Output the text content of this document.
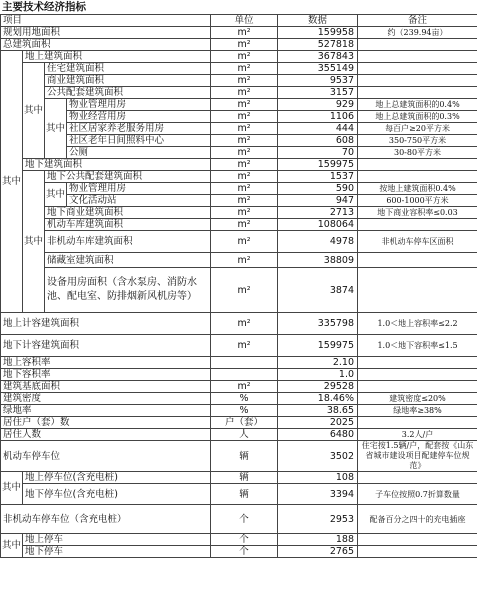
主要技术经济指标
项目				单位	数据	备注
规划用地面积				m²	159958	约（239.94亩）
总建筑面积				m²	527818	
其中	地上建筑面积			m²	367843	
	其中	住宅建筑面积		m²	355149	
		商业建筑面积		m²	9537	
		公共配套建筑面积		m²	3157	
		其中	物业管理用房	m²	929	地上总建筑面积的0.4%
			物业经营用房	m²	1106	地上总建筑面积的0.3%
			社区居家养老服务用房	m²	444	每百户≥20平方米
			社区老年日间照料中心	m²	608	350-750平方米
			公厕	m²	70	30-80平方米
	地下建筑面积			m²	159975	
	其中	地下公共配套建筑面积		m²	1537	
		其中	物业管理用房	m²	590	按地上建筑面积0.4%
			文化活动站	m²	947	600-1000平方米
		地下商业建筑面积		m²	2713	地下商业容积率≤0.03
		机动车库建筑面积		m²	108064	
		非机动车库建筑面积		m²	4978	非机动车停车区面积
		储藏室建筑面积		m²	38809	
		设备用房面积（含水泵房、消防水池、配电室、防排烟新风机房等）		m²	3874	
地上计容建筑面积				m²	335798	1.0＜地上容积率≤2.2
地下计容建筑面积				m²	159975	1.0＜地下容积率≤1.5
地上容积率					2.10	
地下容积率					1.0	
建筑基底面积				m²	29528	
建筑密度				%	18.46%	建筑密度≤20%
绿地率				%	38.65	绿地率≥38%
居住户（套）数				户（套）	2025	
居住人数				人	6480	3.2人/户
机动车停车位				辆	3502	住宅按1.5辆/户，配套按《山东省城市建设项目配建停车位规范》
其中	地上停车位(含充电桩)			辆	108	
	地下停车位(含充电桩)			辆	3394	子车位按照0.7折算数量
非机动车停车位（含充电桩）				个	2953	配备百分之四十的充电插座
其中	地上停车			个	188	
	地下停车			个	2765	
